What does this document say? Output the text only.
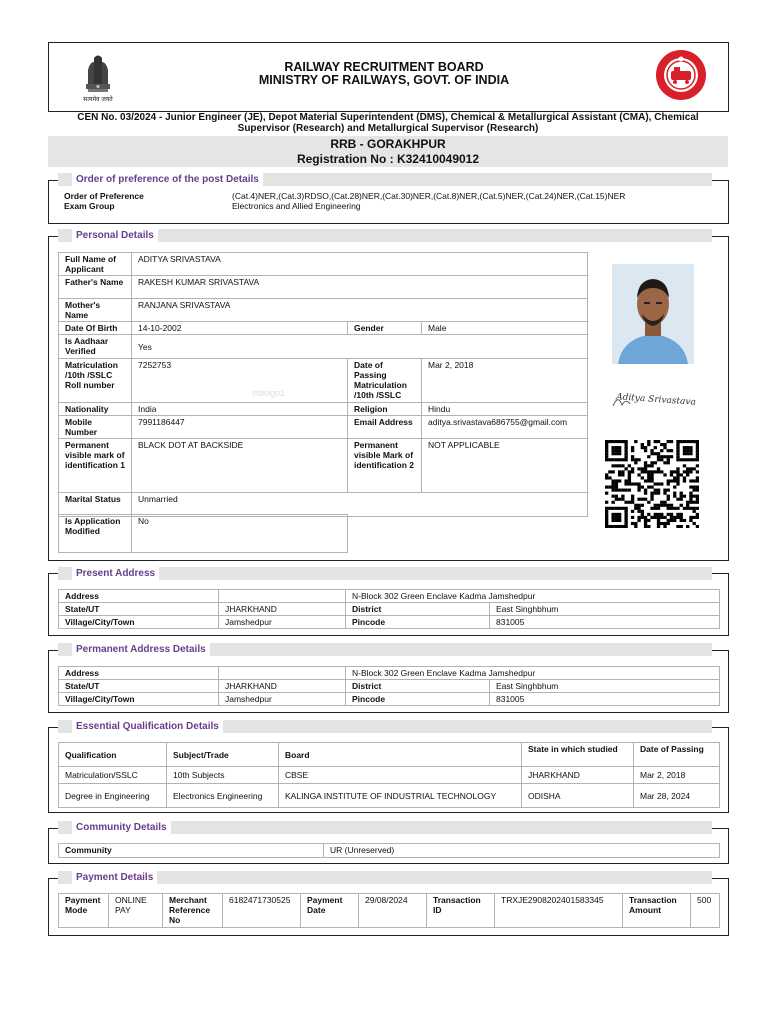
सत्यमेव जयते
RAILWAY RECRUITMENT BOARD
MINISTRY OF RAILWAYS, GOVT. OF INDIA
CEN No. 03/2024 - Junior Engineer (JE), Depot Material Superintendent (DMS), Chemical & Metallurgical Assistant (CMA), Chemical Supervisor (Research) and Metallurgical Supervisor (Research)
RRB - GORAKHPUR
Registration No : K32410049012
Order of preference of the post Details
Order of Preference	(Cat.4)NER,(Cat.3)RDSO,(Cat.28)NER,(Cat.30)NER,(Cat.8)NER,(Cat.5)NER,(Cat.24)NER,(Cat.15)NER
Exam Group	Electronics and Allied Engineering
Personal Details
Full Name of Applicant	ADITYA SRIVASTAVA		
Father's Name	RAKESH KUMAR SRIVASTAVA		
Mother's Name	RANJANA SRIVASTAVA		
Date Of Birth	14-10-2002	Gender	Male
Is Aadhaar Verified	Yes		
Matriculation /10th /SSLC Roll number	7252753	Date of Passing Matriculation /10th /SSLC	Mar 2, 2018
Nationality	India	Religion	Hindu
Mobile Number	7991186447	Email Address	aditya.srivastava686755@gmail.com
Permanent visible mark of identification 1	BLACK DOT AT BACKSIDE	Permanent visible Mark of identification 2	NOT APPLICABLE
Marital Status	Unmarried		
Is Application Modified	No
rrblogo1	Aditya Srivastava
Present Address
Address		N-Block 302 Green Enclave Kadma Jamshedpur	
State/UT	JHARKHAND	District	East Singhbhum
Village/City/Town	Jamshedpur	Pincode	831005
Permanent Address Details
Address		N-Block 302 Green Enclave Kadma Jamshedpur	
State/UT	JHARKHAND	District	East Singhbhum
Village/City/Town	Jamshedpur	Pincode	831005
Essential Qualification Details
Qualification	Subject/Trade	Board	State in which studied	Date of Passing
Matriculation/SSLC	10th Subjects	CBSE	JHARKHAND	Mar 2, 2018
Degree in Engineering	Electronics Engineering	KALINGA INSTITUTE OF INDUSTRIAL TECHNOLOGY	ODISHA	Mar 28, 2024
Community Details
Community	UR (Unreserved)
Payment Details
Payment Mode	ONLINE PAY	Merchant Reference No	6182471730525	Payment Date	29/08/2024	Transaction ID	TRXJE2908202401583345	Transaction Amount	500
